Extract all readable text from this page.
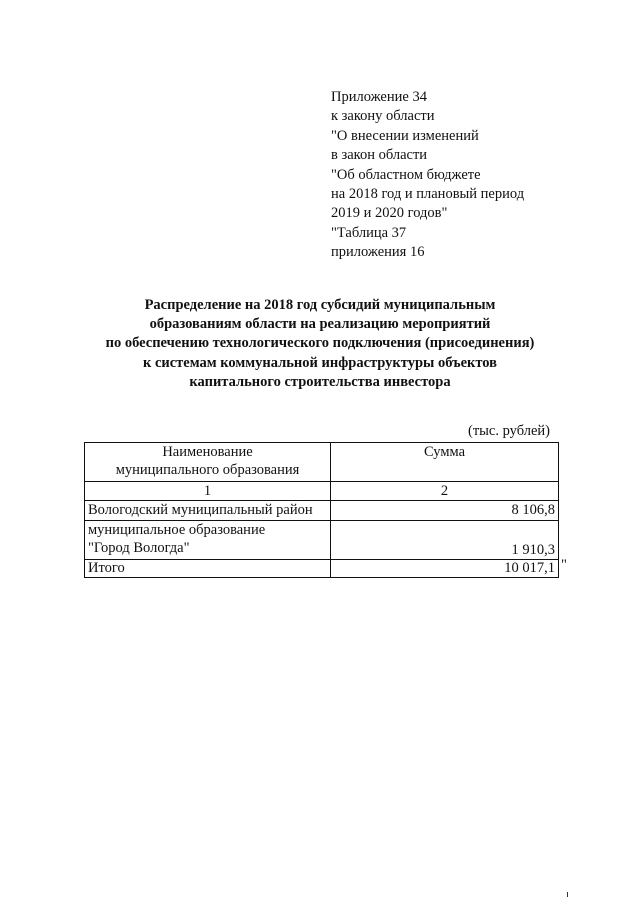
Приложение 34
к закону области
"О внесении изменений
в закон области
"Об областном бюджете
на 2018 год и плановый период
2019 и 2020 годов"
"Таблица 37
приложения 16
Распределение на 2018 год субсидий муниципальным
образованиям области на реализацию мероприятий
по обеспечению технологического подключения (присоединения)
к системам коммунальной инфраструктуры объектов
капитального строительства инвестора
(тыс. рублей)
Наименование
муниципального образования	Сумма
1	2
Вологодский муниципальный район	8 106,8

муниципальное образование
"Город Вологда"	1 910,3
Итого	10 017,1 "
